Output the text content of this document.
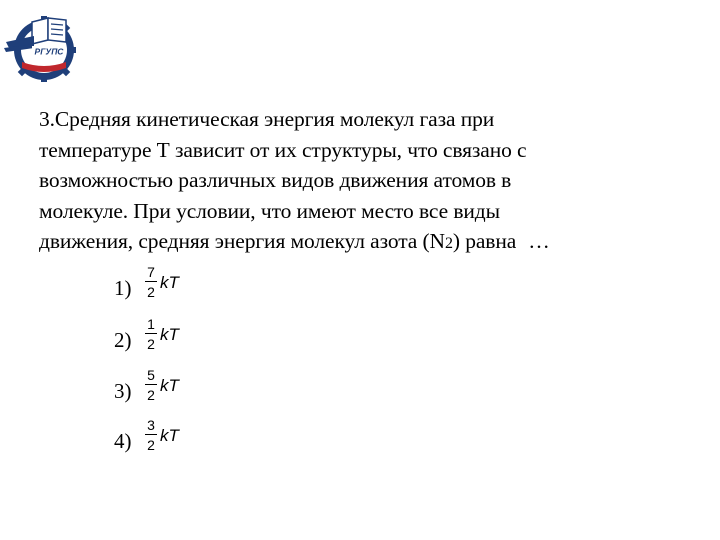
РГУПС

3.Средняя кинетическая энергия молекул газа при

температуре Т зависит от их структуры, что связано с

возможностью различных видов движения атомов в

молекуле. При условии, что имеют место все виды

движения, средняя энергия молекул азота (N2) равна …

1)
7
2 kT
2)
1
2 kT
3)
5
2 kT
4)
3
2 kT
